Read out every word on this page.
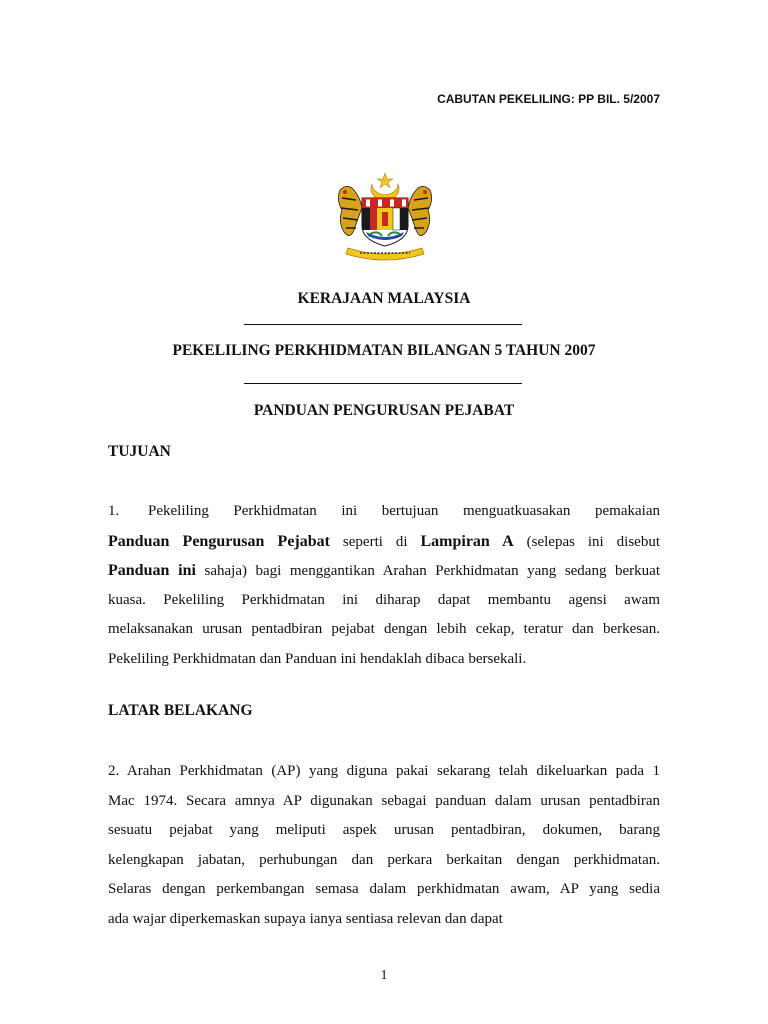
CABUTAN PEKELILING: PP BIL. 5/2007
KERAJAAN MALAYSIA
PEKELILING PERKHIDMATAN BILANGAN 5 TAHUN 2007
PANDUAN PENGURUSAN PEJABAT
TUJUAN
1. Pekeliling Perkhidmatan ini bertujuan menguatkuasakan pemakaian
Panduan Pengurusan Pejabat seperti di Lampiran A (selepas ini disebut
Panduan ini sahaja) bagi menggantikan Arahan Perkhidmatan yang sedang berkuat
kuasa. Pekeliling Perkhidmatan ini diharap dapat membantu agensi awam
melaksanakan urusan pentadbiran pejabat dengan lebih cekap, teratur dan berkesan.
Pekeliling Perkhidmatan dan Panduan ini hendaklah dibaca bersekali.
LATAR BELAKANG
2. Arahan Perkhidmatan (AP) yang diguna pakai sekarang telah dikeluarkan pada 1
Mac 1974. Secara amnya AP digunakan sebagai panduan dalam urusan pentadbiran
sesuatu pejabat yang meliputi aspek urusan pentadbiran, dokumen, barang
kelengkapan jabatan, perhubungan dan perkara berkaitan dengan perkhidmatan.
Selaras dengan perkembangan semasa dalam perkhidmatan awam, AP yang sedia
ada wajar diperkemaskan supaya ianya sentiasa relevan dan dapat
1
